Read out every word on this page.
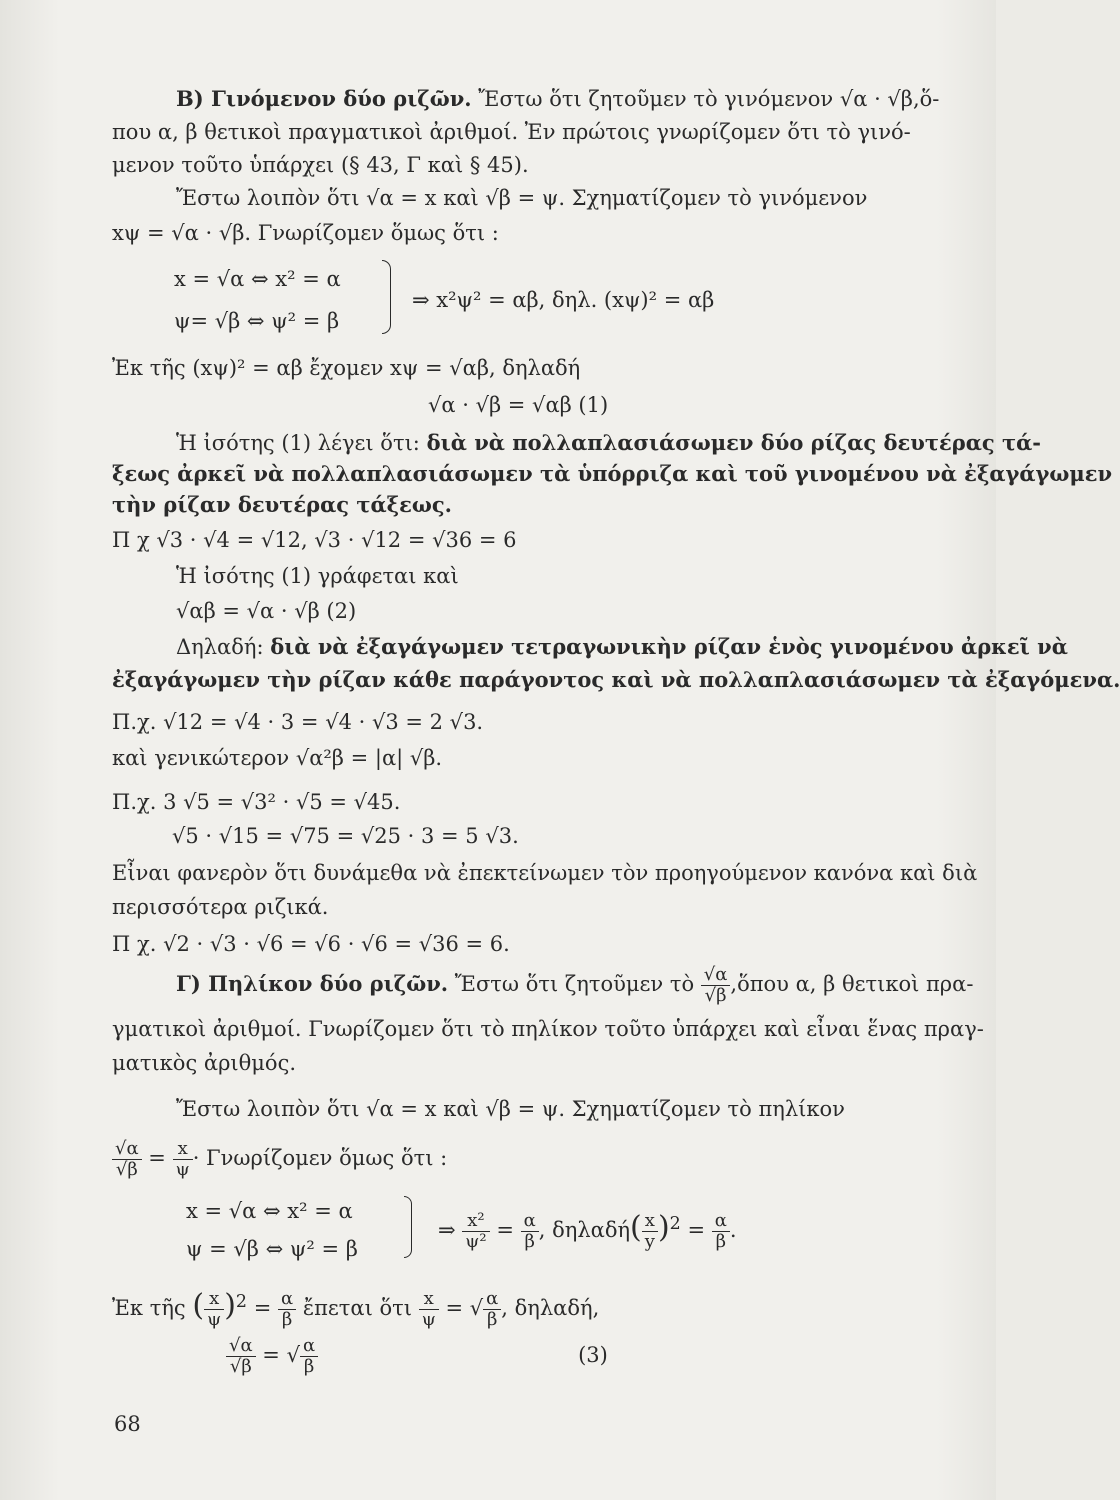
Β) Γινόμενον δύο ριζῶν. Ἔστω ὅτι ζητοῦμεν τὸ γινόμενον √α · √β,ὅ-
που α, β θετικοὶ πραγματικοὶ ἀριθμοί. Ἐν πρώτοις γνωρίζομεν ὅτι τὸ γινό-
μενον τοῦτο ὑπάρχει (§ 43, Γ καὶ § 45).
Ἔστω λοιπὸν ὅτι √α = x καὶ √β = ψ. Σχηματίζομεν τὸ γινόμενον
xψ = √α · √β. Γνωρίζομεν ὅμως ὅτι :
x = √α ⇔ x² = α
ψ= √β ⇔ ψ² = β
⇒ x²ψ² = αβ, δηλ. (xψ)² = αβ
Ἐκ τῆς (xψ)² = αβ ἔχομεν xψ = √αβ, δηλαδή
√α · √β = √αβ (1)
Ἡ ἰσότης (1) λέγει ὅτι: διὰ νὰ πολλαπλασιάσωμεν δύο ρίζας δευτέρας τά-
ξεως ἀρκεῖ νὰ πολλαπλασιάσωμεν τὰ ὑπόρριζα καὶ τοῦ γινομένου νὰ ἐξαγάγωμεν
τὴν ρίζαν δευτέρας τάξεως.
Π χ √3 · √4 = √12, √3 · √12 = √36 = 6
Ἡ ἰσότης (1) γράφεται καὶ
√αβ = √α · √β (2)
Δηλαδή: διὰ νὰ ἐξαγάγωμεν τετραγωνικὴν ρίζαν ἑνὸς γινομένου ἀρκεῖ νὰ
ἐξαγάγωμεν τὴν ρίζαν κάθε παράγοντος καὶ νὰ πολλαπλασιάσωμεν τὰ ἐξαγόμενα.
Π.χ. √12 = √4 · 3 = √4 · √3 = 2 √3.
καὶ γενικώτερον √α²β = |α| √β.
Π.χ. 3 √5 = √3² · √5 = √45.
√5 · √15 = √75 = √25 · 3 = 5 √3.
Εἶναι φανερὸν ὅτι δυνάμεθα νὰ ἐπεκτείνωμεν τὸν προηγούμενον κανόνα καὶ διὰ
περισσότερα ριζικά.
Π χ. √2 · √3 · √6 = √6 · √6 = √36 = 6.
Γ) Πηλίκον δύο ριζῶν. Ἔστω ὅτι ζητοῦμεν τὸ $\frac{√\alpha}{√\beta}$ ,ὅπου α, β θετικοὶ πρα-
γματικοὶ ἀριθμοί. Γνωρίζομεν ὅτι τὸ πηλίκον τοῦτο ὑπάρχει καὶ εἶναι ἕνας πραγ-
ματικὸς ἀριθμός.
Ἔστω λοιπὸν ὅτι √α = x καὶ √β = ψ. Σχηματίζομεν τὸ πηλίκον
$\frac{√\alpha}{√\beta} = \frac{x}{\psi} \cdot \Gamma\nu\omega\rho ί\zeta o\mu\varepsilon\nu$ ὅμως ὅτι :
x = √α ⇔ x² = α
ψ = √β ⇔ ψ² = β
⇒ $\frac{\text{x²}}{\text{ψ²}} = \frac{\alpha}{\beta}$ , $\delta\eta\lambda\alpha\delta ή( \frac{x}{y} )^2 = \frac{\alpha}{\beta}$ .
Ἐκ τῆς ( $\frac{x}{\psi} )^2 = \frac{\alpha}{\beta}$ ἔπεται ὅτι $\frac{x}{\psi}$ = √ $\frac{\alpha}{\beta}$ , δηλαδή,
$\frac{√\alpha}{√\beta}$ = √ $\frac{\alpha}{\beta}$	(3)
68
